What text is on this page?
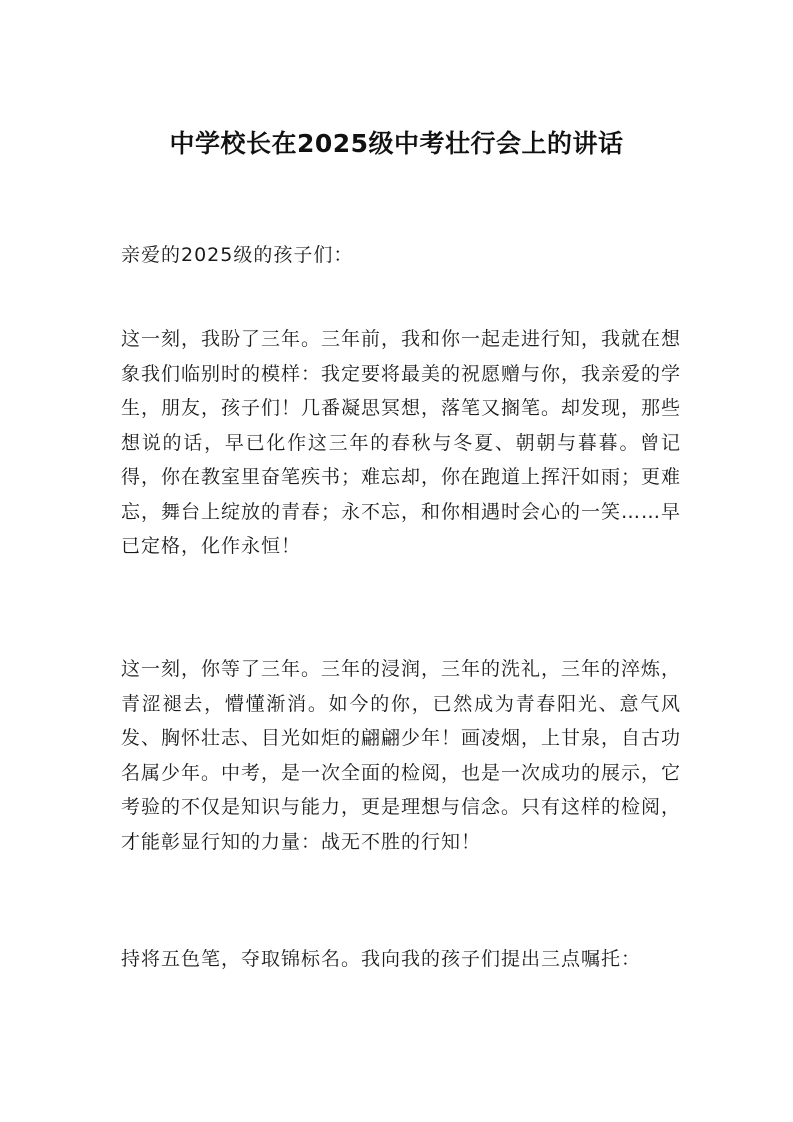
中学校长在2025级中考壮行会上的讲话

亲爱的2025级的孩子们：

这一刻，我盼了三年。三年前，我和你一起走进行知，我就在想象我们临别时的模样：我定要将最美的祝愿赠与你，我亲爱的学生，朋友，孩子们！几番凝思冥想，落笔又搁笔。却发现，那些想说的话，早已化作这三年的春秋与冬夏、朝朝与暮暮。曾记得，你在教室里奋笔疾书；难忘却，你在跑道上挥汗如雨；更难忘，舞台上绽放的青春；永不忘，和你相遇时会心的一笑……早已定格，化作永恒！

这一刻，你等了三年。三年的浸润，三年的洗礼，三年的淬炼，青涩褪去，懵懂渐消。如今的你，已然成为青春阳光、意气风发、胸怀壮志、目光如炬的翩翩少年！画凌烟，上甘泉，自古功名属少年。中考，是一次全面的检阅，也是一次成功的展示，它考验的不仅是知识与能力，更是理想与信念。只有这样的检阅，才能彰显行知的力量：战无不胜的行知！

持将五色笔，夺取锦标名。我向我的孩子们提出三点嘱托：
